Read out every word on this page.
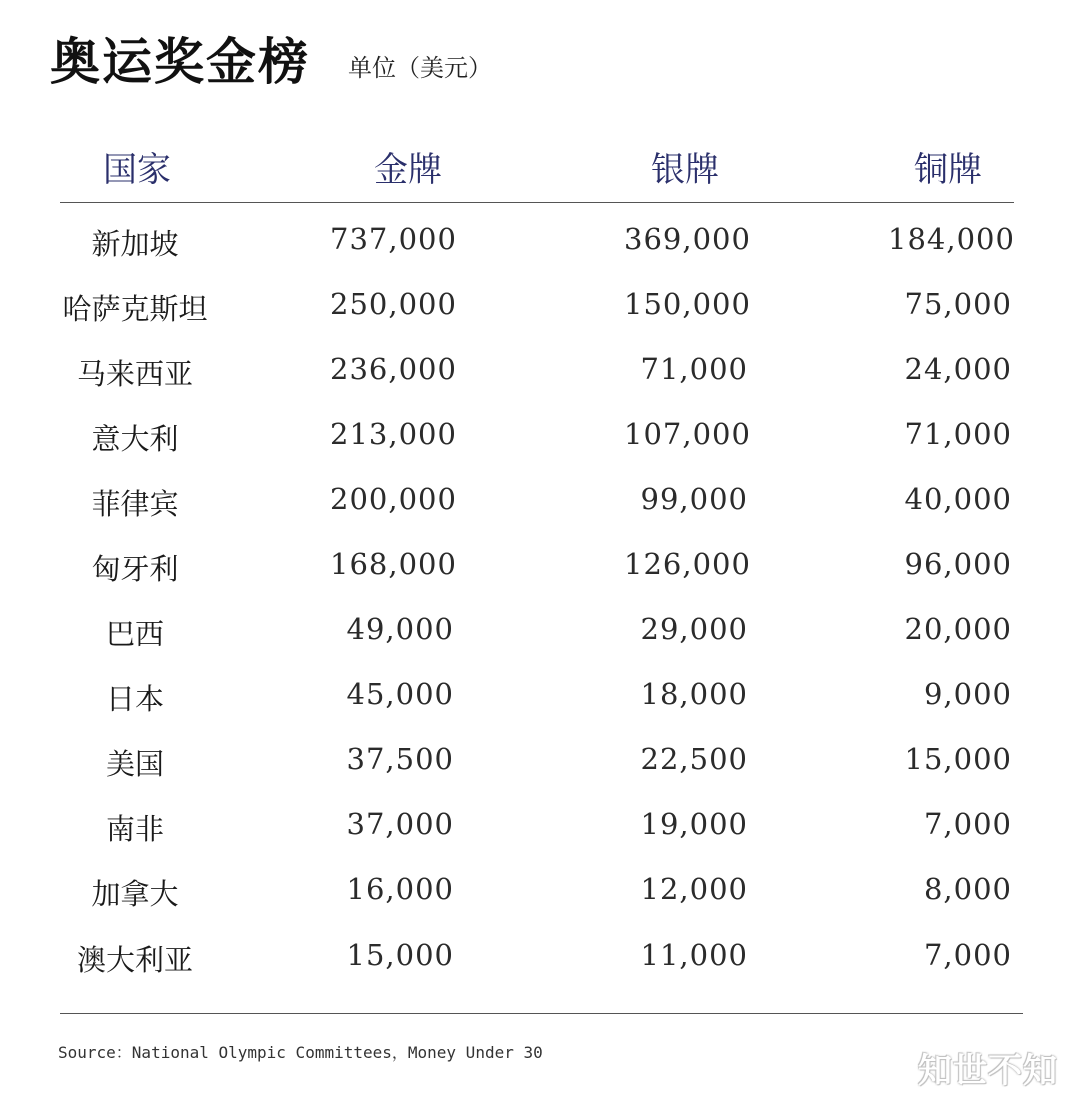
奥运奖金榜 单位（美元）
国家	金牌	银牌	铜牌
新加坡	737,000	369,000	184,000
哈萨克斯坦	250,000	150,000	75,000
马来西亚	236,000	71,000	24,000
意大利	213,000	107,000	71,000
菲律宾	200,000	99,000	40,000
匈牙利	168,000	126,000	96,000
巴西	49,000	29,000	20,000
日本	45,000	18,000	9,000
美国	37,500	22,500	15,000
南非	37,000	19,000	7,000
加拿大	16,000	12,000	8,000
澳大利亚	15,000	11,000	7,000
Source：National Olympic Committees，Money Under 30	知世不知
